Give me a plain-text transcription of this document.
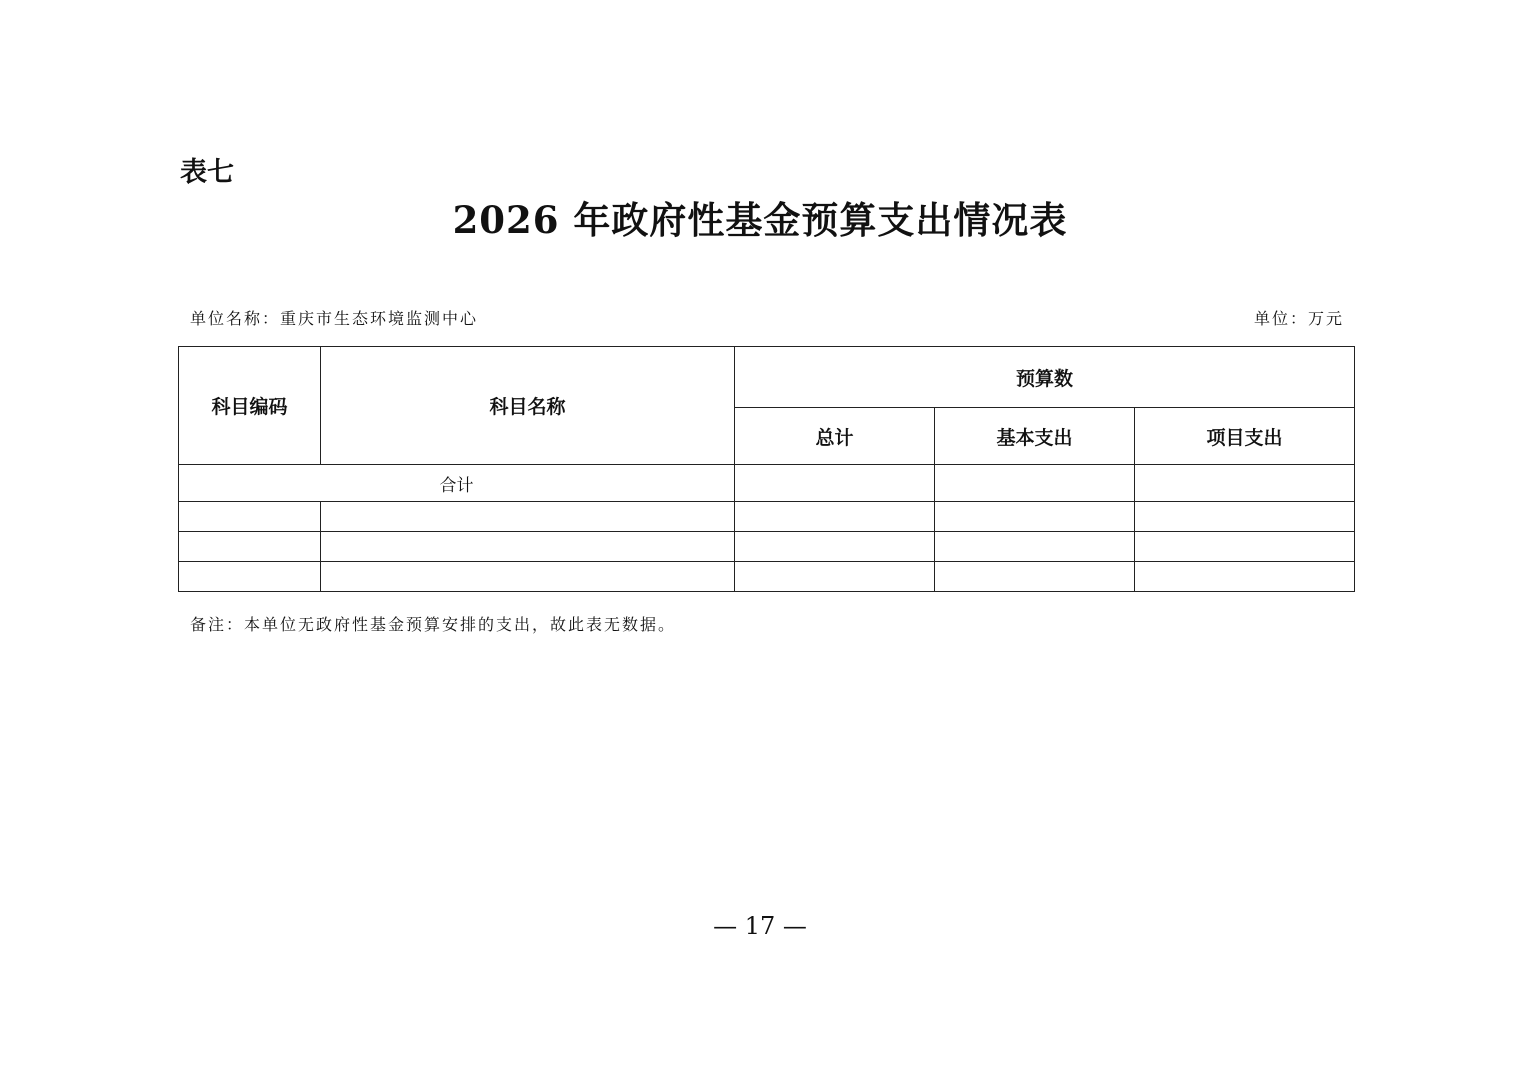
表七
2026 年政府性基金预算支出情况表
单位名称：重庆市生态环境监测中心	单位：万元
科目编码	科目名称	预算数		
		总计	基本支出	项目支出
合计				

备注：本单位无政府性基金预算安排的支出，故此表无数据。
— 17 —
